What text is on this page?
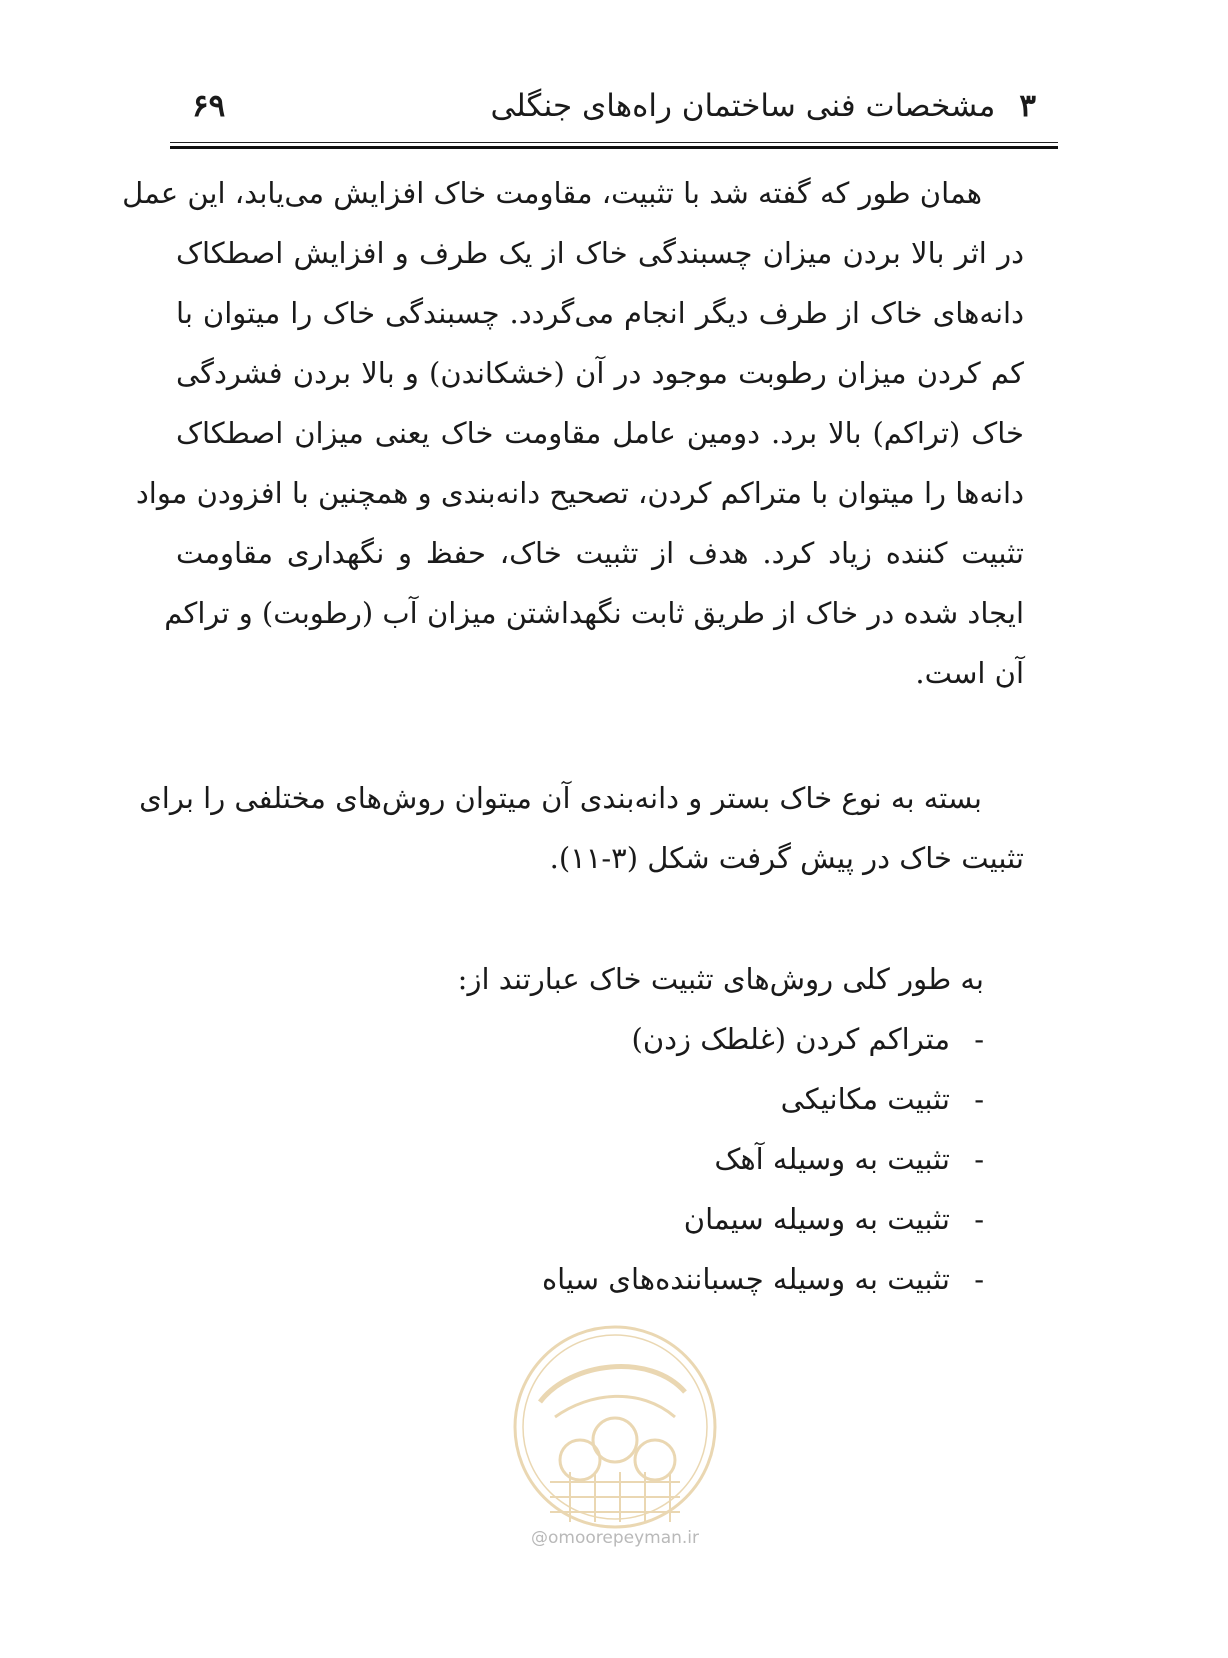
۳مشخصات فنی ساختمان راه‌های جنگلی
۶۹
همان طور که گفته شد با تثبیت، مقاومت خاک افزایش می‌یابد، این عمل
در اثر بالا بردن میزان چسبندگی خاک از یک طرف و افزایش اصطکاک
دانه‌های خاک از طرف دیگر انجام می‌گردد. چسبندگی خاک را میتوان با
کم کردن میزان رطوبت موجود در آن (خشکاندن) و بالا بردن فشردگی
خاک (تراکم) بالا برد. دومین عامل مقاومت خاک یعنی میزان اصطکاک
دانه‌ها را میتوان با متراکم کردن، تصحیح دانه‌بندی و همچنین با افزودن مواد
تثبیت کننده زیاد کرد. هدف از تثبیت خاک، حفظ و نگهداری مقاومت
ایجاد شده در خاک از طریق ثابت نگهداشتن میزان آب (رطوبت) و تراکم
آن است.
بسته به نوع خاک بستر و دانه‌بندی آن میتوان روش‌های مختلفی را برای
تثبیت خاک در پیش گرفت شکل (۳-۱۱).
به طور کلی روش‌های تثبیت خاک عبارتند از:
-متراکم کردن (غلطک زدن)
-تثبیت مکانیکی
-تثبیت به وسیله آهک
-تثبیت به وسیله سیمان
-تثبیت به وسیله چسباننده‌های سیاه
@omoorepeyman.ir
